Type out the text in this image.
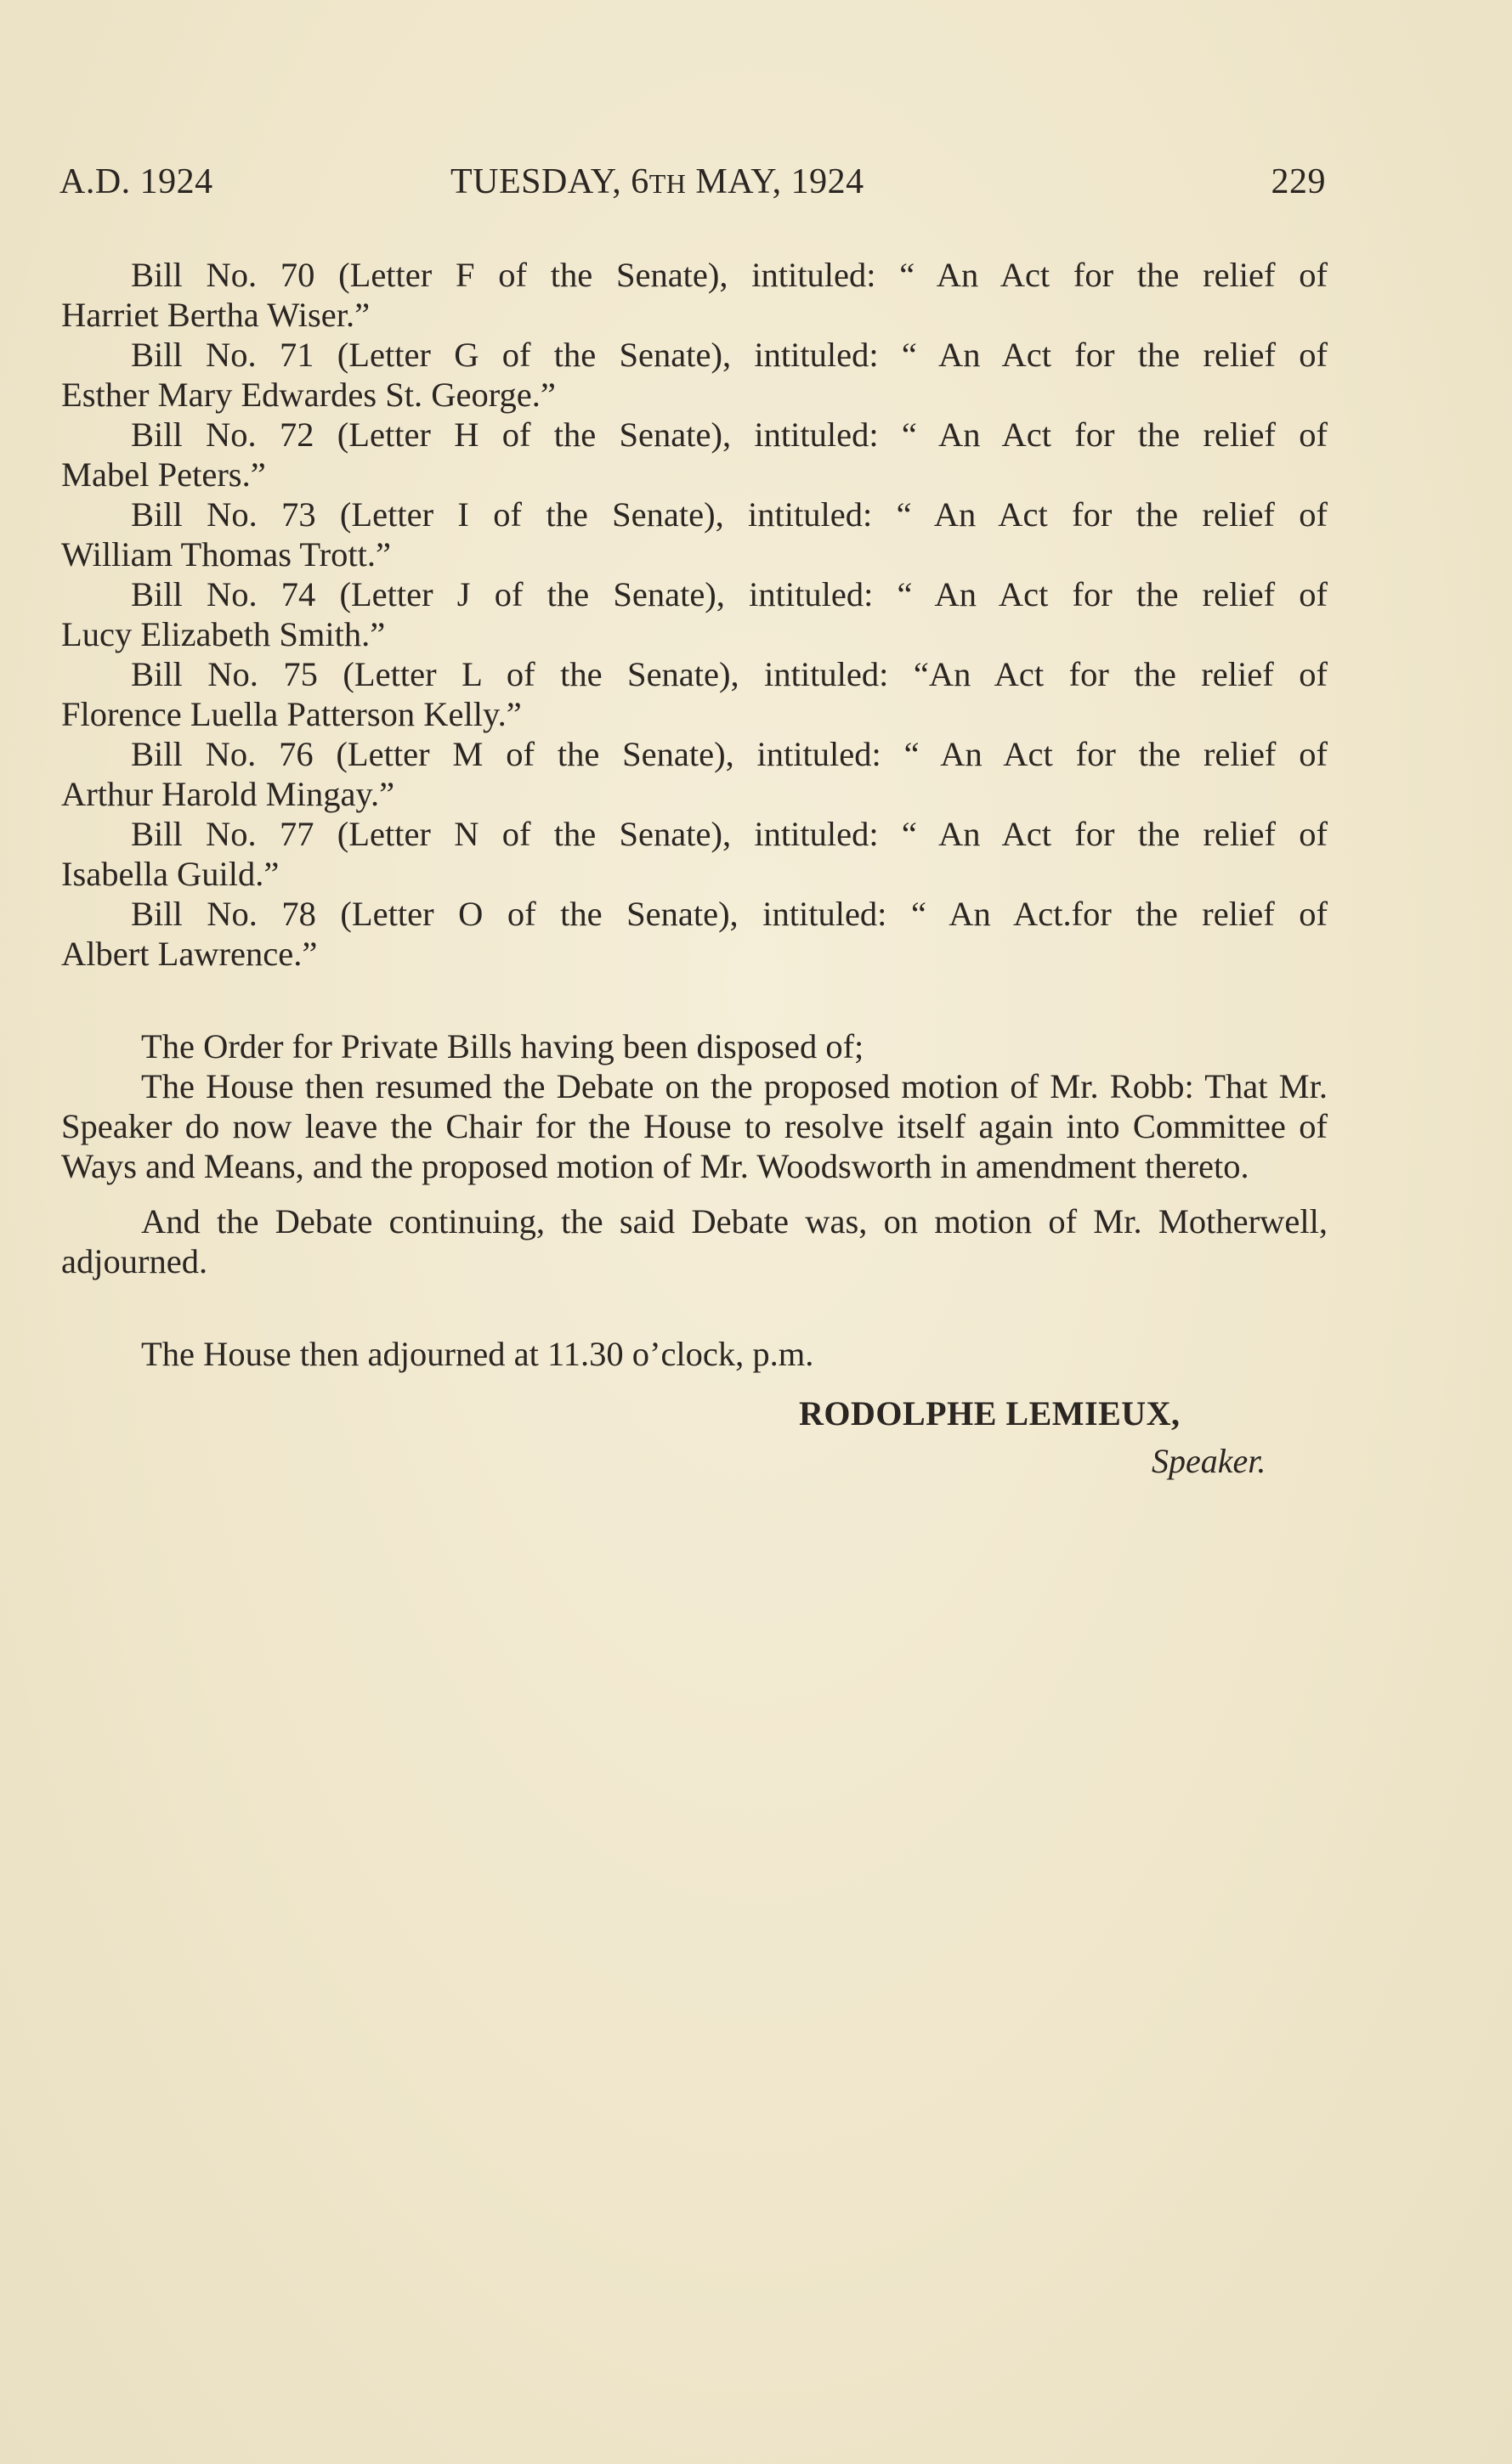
A.D. 1924	TUESDAY, 6TH MAY, 1924	229
Bill No. 70 (Letter F of the Senate), intituled: “ An Act for the relief of
Harriet Bertha Wiser.”
Bill No. 71 (Letter G of the Senate), intituled: “ An Act for the relief of
Esther Mary Edwardes St. George.”
Bill No. 72 (Letter H of the Senate), intituled: “ An Act for the relief of
Mabel Peters.”
Bill No. 73 (Letter I of the Senate), intituled: “ An Act for the relief of
William Thomas Trott.”
Bill No. 74 (Letter J of the Senate), intituled: “ An Act for the relief of
Lucy Elizabeth Smith.”
Bill No. 75 (Letter L of the Senate), intituled: “An Act for the relief of
Florence Luella Patterson Kelly.”
Bill No. 76 (Letter M of the Senate), intituled: “ An Act for the relief of
Arthur Harold Mingay.”
Bill No. 77 (Letter N of the Senate), intituled: “ An Act for the relief of
Isabella Guild.”
Bill No. 78 (Letter O of the Senate), intituled: “ An Act.for the relief of
Albert Lawrence.”

The Order for Private Bills having been disposed of;

The House then resumed the Debate on the proposed motion of Mr. Robb: That Mr. Speaker do now leave the Chair for the House to resolve itself again into Committee of Ways and Means, and the proposed motion of Mr. Woodsworth in amendment thereto.

And the Debate continuing, the said Debate was, on motion of Mr. Motherwell, adjourned.

The House then adjourned at 11.30 o’clock, p.m.

RODOLPHE LEMIEUX,
Speaker.
